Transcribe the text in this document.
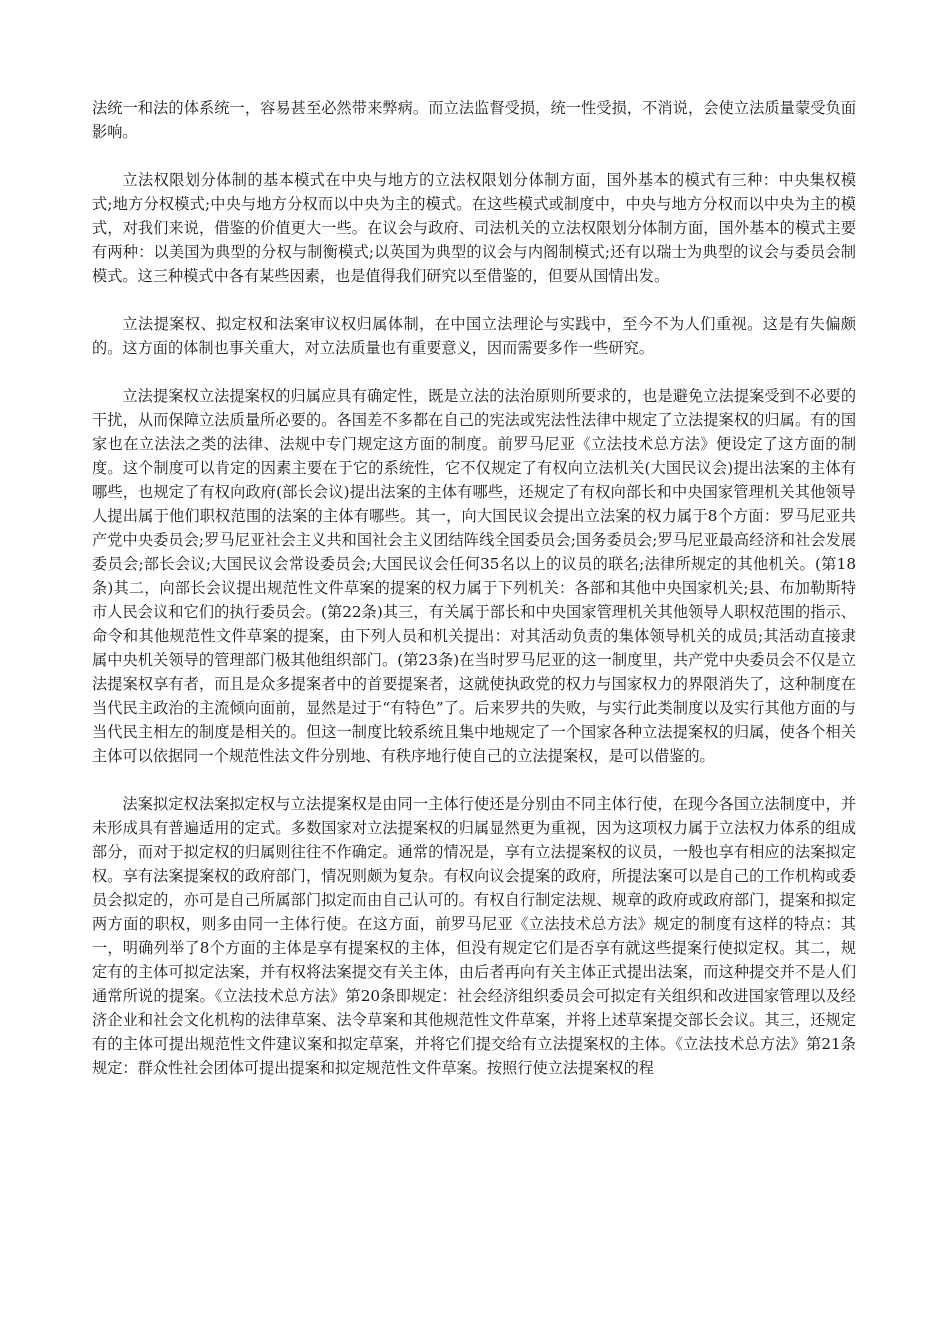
法统一和法的体系统一，容易甚至必然带来弊病。而立法监督受损，统一性受损，不消说，会使立法质量蒙受负面影响。

立法权限划分体制的基本模式在中央与地方的立法权限划分体制方面，国外基本的模式有三种：中央集权模式;地方分权模式;中央与地方分权而以中央为主的模式。在这些模式或制度中，中央与地方分权而以中央为主的模式，对我们来说，借鉴的价值更大一些。在议会与政府、司法机关的立法权限划分体制方面，国外基本的模式主要有两种：以美国为典型的分权与制衡模式;以英国为典型的议会与内阁制模式;还有以瑞士为典型的议会与委员会制模式。这三种模式中各有某些因素，也是值得我们研究以至借鉴的，但要从国情出发。

立法提案权、拟定权和法案审议权归属体制，在中国立法理论与实践中，至今不为人们重视。这是有失偏颇的。这方面的体制也事关重大，对立法质量也有重要意义，因而需要多作一些研究。

立法提案权立法提案权的归属应具有确定性，既是立法的法治原则所要求的，也是避免立法提案受到不必要的干扰，从而保障立法质量所必要的。各国差不多都在自己的宪法或宪法性法律中规定了立法提案权的归属。有的国家也在立法法之类的法律、法规中专门规定这方面的制度。前罗马尼亚《立法技术总方法》便设定了这方面的制度。这个制度可以肯定的因素主要在于它的系统性，它不仅规定了有权向立法机关(大国民议会)提出法案的主体有哪些，也规定了有权向政府(部长会议)提出法案的主体有哪些，还规定了有权向部长和中央国家管理机关其他领导人提出属于他们职权范围的法案的主体有哪些。其一，向大国民议会提出立法案的权力属于8个方面：罗马尼亚共产党中央委员会;罗马尼亚社会主义共和国社会主义团结阵线全国委员会;国务委员会;罗马尼亚最高经济和社会发展委员会;部长会议;大国民议会常设委员会;大国民议会任何35名以上的议员的联名;法律所规定的其他机关。(第18条)其二，向部长会议提出规范性文件草案的提案的权力属于下列机关：各部和其他中央国家机关;县、布加勒斯特市人民会议和它们的执行委员会。(第22条)其三，有关属于部长和中央国家管理机关其他领导人职权范围的指示、命令和其他规范性文件草案的提案，由下列人员和机关提出：对其活动负责的集体领导机关的成员;其活动直接隶属中央机关领导的管理部门极其他组织部门。(第23条)在当时罗马尼亚的这一制度里，共产党中央委员会不仅是立法提案权享有者，而且是众多提案者中的首要提案者，这就使执政党的权力与国家权力的界限消失了，这种制度在当代民主政治的主流倾向面前，显然是过于“有特色”了。后来罗共的失败，与实行此类制度以及实行其他方面的与当代民主相左的制度是相关的。但这一制度比较系统且集中地规定了一个国家各种立法提案权的归属，使各个相关主体可以依据同一个规范性法文件分别地、有秩序地行使自己的立法提案权，是可以借鉴的。

法案拟定权法案拟定权与立法提案权是由同一主体行使还是分别由不同主体行使，在现今各国立法制度中，并未形成具有普遍适用的定式。多数国家对立法提案权的归属显然更为重视，因为这项权力属于立法权力体系的组成部分，而对于拟定权的归属则往往不作确定。通常的情况是，享有立法提案权的议员，一般也享有相应的法案拟定权。享有法案提案权的政府部门，情况则颇为复杂。有权向议会提案的政府，所提法案可以是自己的工作机构或委员会拟定的，亦可是自己所属部门拟定而由自己认可的。有权自行制定法规、规章的政府或政府部门，提案和拟定两方面的职权，则多由同一主体行使。在这方面，前罗马尼亚《立法技术总方法》规定的制度有这样的特点：其一，明确列举了8个方面的主体是享有提案权的主体，但没有规定它们是否享有就这些提案行使拟定权。其二，规定有的主体可拟定法案，并有权将法案提交有关主体，由后者再向有关主体正式提出法案，而这种提交并不是人们通常所说的提案。《立法技术总方法》第20条即规定：社会经济组织委员会可拟定有关组织和改进国家管理以及经济企业和社会文化机构的法律草案、法令草案和其他规范性文件草案，并将上述草案提交部长会议。其三，还规定有的主体可提出规范性文件建议案和拟定草案，并将它们提交给有立法提案权的主体。《立法技术总方法》第21条规定：群众性社会团体可提出提案和拟定规范性文件草案。按照行使立法提案权的程
